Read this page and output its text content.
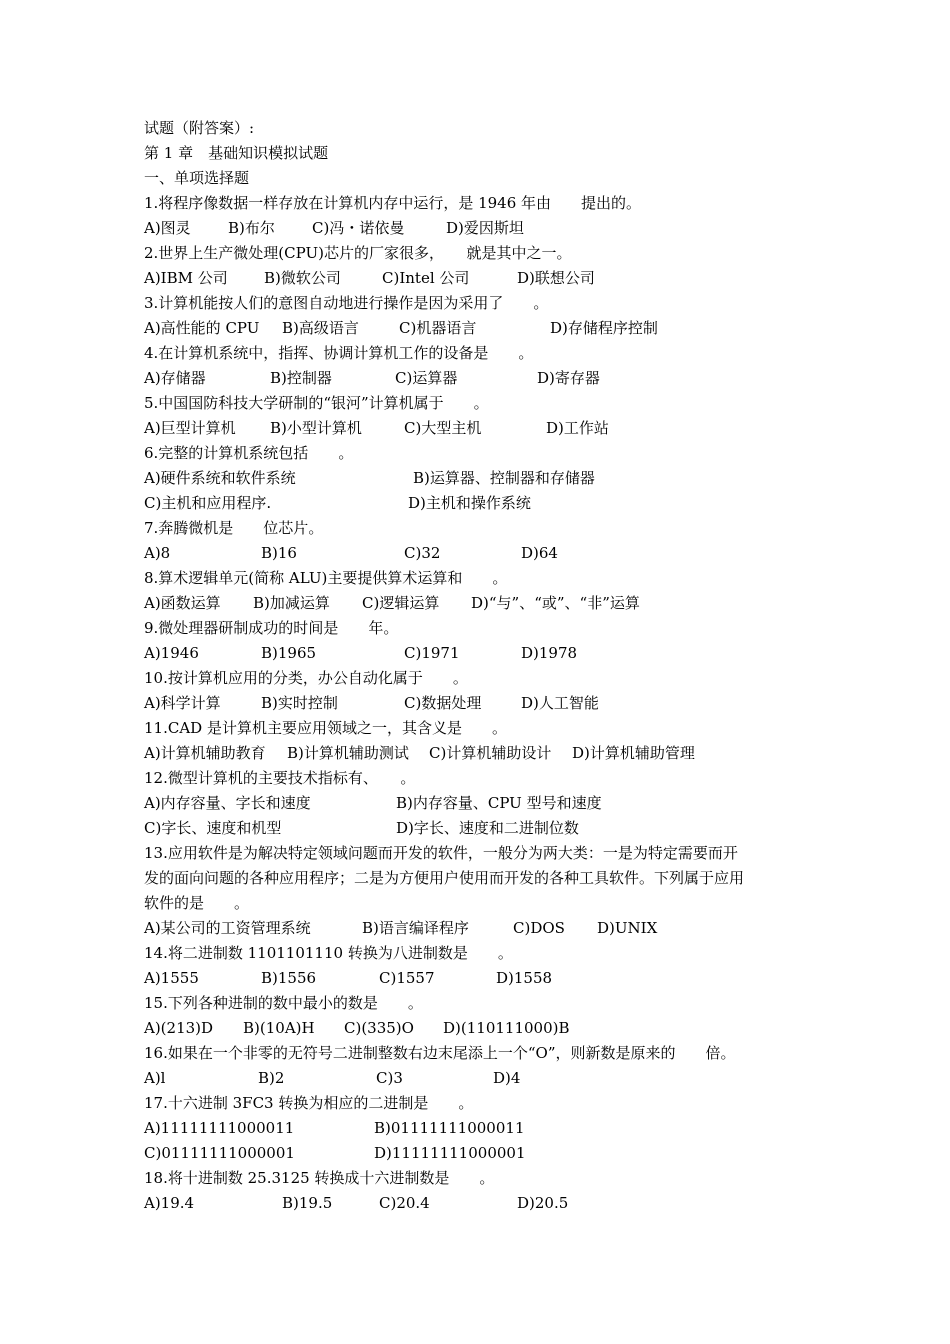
试题（附答案）:
第 1 章　基础知识模拟试题
一、单项选择题
1.将程序像数据一样存放在计算机内存中运行，是 1946 年由　　提出的。
A)图灵 B)布尔 C)冯・诺依曼	D)爱因斯坦
2.世界上生产微处理(CPU)芯片的厂家很多，　　就是其中之一。
A)IBM 公司 B)微软公司	C)Intel 公司	D)联想公司
3.计算机能按人们的意图自动地进行操作是因为采用了　　。
A)高性能的 CPU B)高级语言	C)机器语言	D)存储程序控制
4.在计算机系统中，指挥、协调计算机工作的设备是　　。
A)存储器	B)控制器	C)运算器	D)寄存器
5.中国国防科技大学研制的“银河”计算机属于　　。
A)巨型计算机 B)小型计算机	C)大型主机	D)工作站
6.完整的计算机系统包括　　。
A)硬件系统和软件系统	B)运算器、控制器和存储器
C)主机和应用程序.	D)主机和操作系统
7.奔腾微机是　　位芯片。
A)8	B)16	C)32	D)64
8.算术逻辑单元(简称 ALU)主要提供算术运算和　　。
A)函数运算 B)加减运算 C)逻辑运算 D)“与”、“或”、“非”运算
9.微处理器研制成功的时间是　　年。
A)1946	B)1965	C)1971	D)1978
10.按计算机应用的分类，办公自动化属于　　。
A)科学计算	B)实时控制	C)数据处理	D)人工智能
11.CAD 是计算机主要应用领域之一，其含义是　　。
A)计算机辅助教育 B)计算机辅助测试 C)计算机辅助设计 D)计算机辅助管理
12.微型计算机的主要技术指标有、　　。
A)内存容量、字长和速度	B)内存容量、CPU 型号和速度
C)字长、速度和机型	D)字长、速度和二进制位数
13.应用软件是为解决特定领域问题而开发的软件，一般分为两大类：一是为特定需要而开
发的面向问题的各种应用程序；二是为方便用户使用而开发的各种工具软件。下列属于应用
软件的是　　。
A)某公司的工资管理系统	B)语言编译程序	C)DOS D)UNIX
14.将二进制数 1101101110 转换为八进制数是　　。
A)1555	B)1556	C)1557	D)1558
15.下列各种进制的数中最小的数是　　。
A)(213)D B)(10A)H C)(335)O D)(110111000)B
16.如果在一个非零的无符号二进制整数右边末尾添上一个“O”，则新数是原来的　　倍。
A)l	B)2	C)3	D)4
17.十六进制 3FC3 转换为相应的二进制是　　。
A)11111111000011	B)01111111000011
C)01111111000001	D)11111111000001
18.将十进制数 25.3125 转换成十六进制数是　　。
A)19.4	B)19.5	C)20.4	D)20.5
